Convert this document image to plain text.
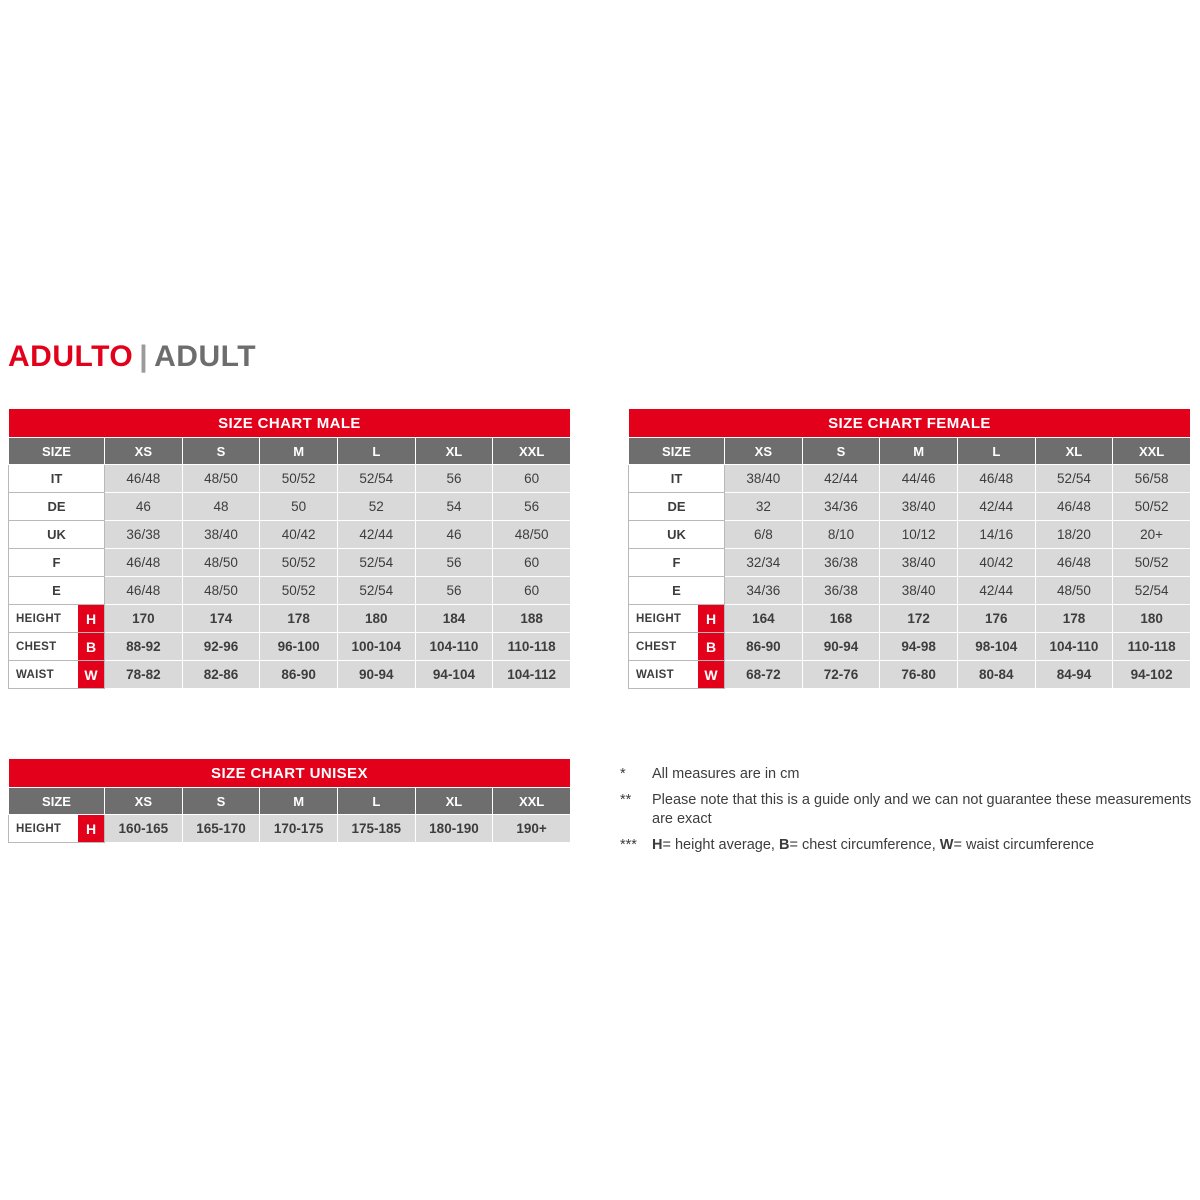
ADULTO | ADULT
SIZE CHART MALE						
SIZE	XS	S	M	L	XL	XXL
IT	46/48	48/50	50/52	52/54	56	60
DE	46	48	50	52	54	56
UK	36/38	38/40	40/42	42/44	46	48/50
F	46/48	48/50	50/52	52/54	56	60
E	46/48	48/50	50/52	52/54	56	60

HEIGHT H	170	174	178	180	184	188

CHEST B	88-92	92-96	96-100	100-104	104-110	110-118

WAIST W	78-82	82-86	86-90	90-94	94-104	104-112
SIZE CHART FEMALE						
SIZE	XS	S	M	L	XL	XXL
IT	38/40	42/44	44/46	46/48	52/54	56/58
DE	32	34/36	38/40	42/44	46/48	50/52
UK	6/8	8/10	10/12	14/16	18/20	20+
F	32/34	36/38	38/40	40/42	46/48	50/52
E	34/36	36/38	38/40	42/44	48/50	52/54

HEIGHT H	164	168	172	176	178	180

CHEST B	86-90	90-94	94-98	98-104	104-110	110-118

WAIST W	68-72	72-76	76-80	80-84	84-94	94-102
SIZE CHART UNISEX						
SIZE	XS	S	M	L	XL	XXL

HEIGHT H	160-165	165-170	170-175	175-185	180-190	190+
*	All measures are in cm
**	Please note that this is a guide only and we can not guarantee these measurements are exact
***	H= height average, B= chest circumference, W= waist circumference
